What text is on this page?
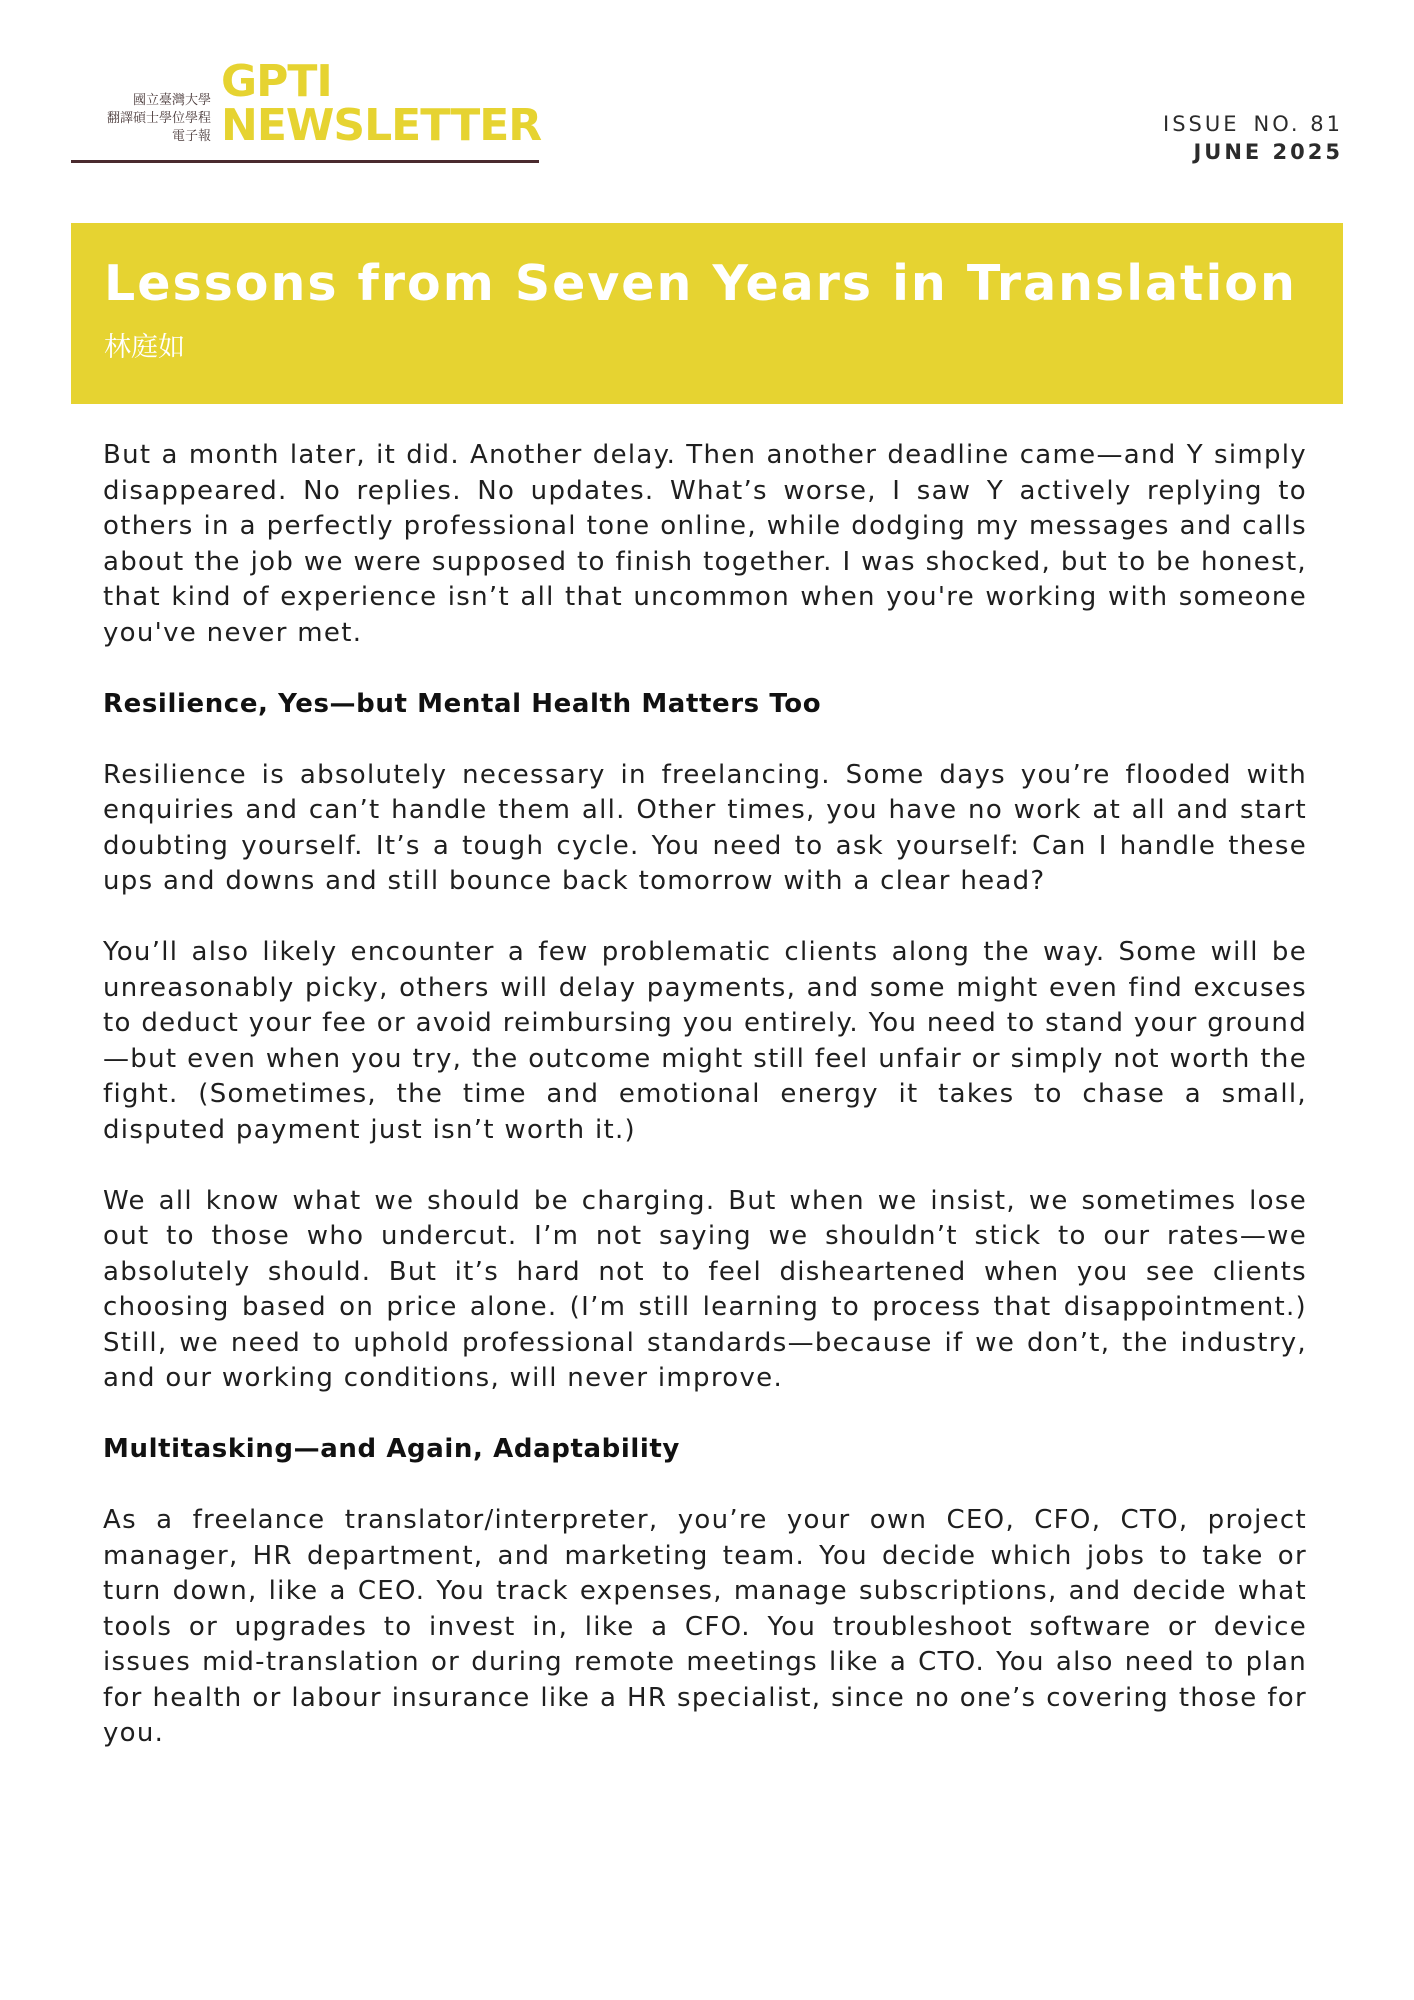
國立臺灣大學
翻譯碩士學位學程
電子報
GPTI
NEWSLETTER	ISSUE NO. 81
JUNE 2025
Lessons from Seven Years in Translation
林庭如

But a month later, it did. Another delay. Then another deadline came—and Y simply disappeared. No replies. No updates. What’s worse, I saw Y actively replying to others in a perfectly professional tone online, while dodging my messages and calls about the job we were supposed to finish together. I was shocked, but to be honest, that kind of experience isn’t all that uncommon when you're working with someone you've never met.

Resilience, Yes—but Mental Health Matters Too

Resilience is absolutely necessary in freelancing. Some days you’re flooded with enquiries and can’t handle them all. Other times, you have no work at all and start doubting yourself. It’s a tough cycle. You need to ask yourself: Can I handle these ups and downs and still bounce back tomorrow with a clear head?

You’ll also likely encounter a few problematic clients along the way. Some will be unreasonably picky, others will delay payments, and some might even find excuses to deduct your fee or avoid reimbursing you entirely. You need to stand your ground—but even when you try, the outcome might still feel unfair or simply not worth the fight. (Sometimes, the time and emotional energy it takes to chase a small, disputed payment just isn’t worth it.)

We all know what we should be charging. But when we insist, we sometimes lose out to those who undercut. I’m not saying we shouldn’t stick to our rates—we absolutely should. But it’s hard not to feel disheartened when you see clients choosing based on price alone. (I’m still learning to process that disappointment.) Still, we need to uphold professional standards—because if we don’t, the industry, and our working conditions, will never improve.

Multitasking—and Again, Adaptability

As a freelance translator/interpreter, you’re your own CEO, CFO, CTO, project manager, HR department, and marketing team. You decide which jobs to take or turn down, like a CEO. You track expenses, manage subscriptions, and decide what tools or upgrades to invest in, like a CFO. You troubleshoot software or device issues mid-translation or during remote meetings like a CTO. You also need to plan for health or labour insurance like a HR specialist, since no one’s covering those for you.
